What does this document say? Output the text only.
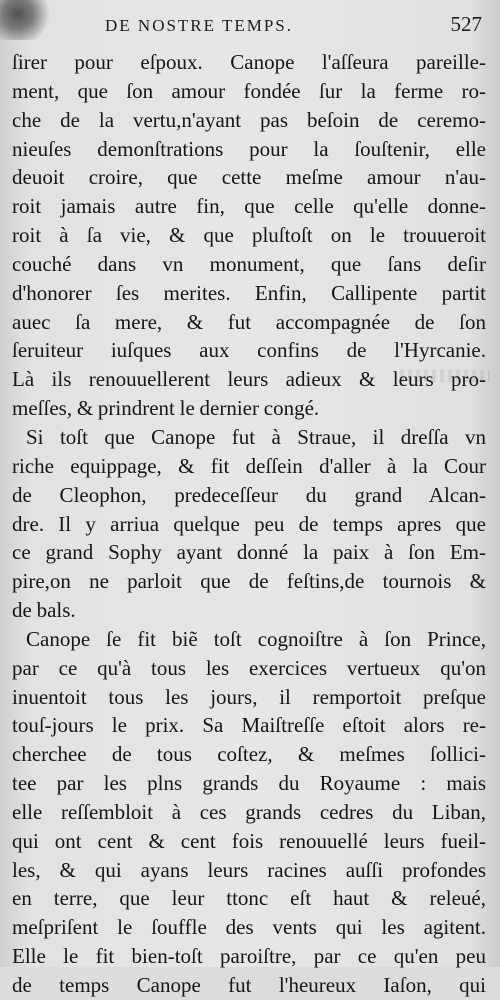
DE NOSTRE TEMPS.	527
ſirer pour eſpoux. Canope l'aſſeura pareille-
ment, que ſon amour fondée ſur la ferme ro-
che de la vertu,n'ayant pas beſoin de ceremo-
nieuſes demonſtrations pour la ſouſtenir, elle
deuoit croire, que cette meſme amour n'au-
roit jamais autre fin, que celle qu'elle donne-
roit à ſa vie, & que pluſtoſt on le trouueroit
couché dans vn monument, que ſans deſir
d'honorer ſes merites. Enfin, Callipente partit
auec ſa mere, & fut accompagnée de ſon
ſeruiteur iuſques aux confins de l'Hyrcanie.
Là ils renouuellerent leurs adieux & leurs pro-
meſſes, & prindrent le dernier congé.
Si toſt que Canope fut à Straue, il dreſſa vn
riche equippage, & fit deſſein d'aller à la Cour
de Cleophon, predeceſſeur du grand Alcan-
dre. Il y arriua quelque peu de temps apres que
ce grand Sophy ayant donné la paix à ſon Em-
pire,on ne parloit que de feſtins,de tournois &
de bals.
Canope ſe fit biẽ toſt cognoiſtre à ſon Prince,
par ce qu'à tous les exercices vertueux qu'on
inuentoit tous les jours, il remportoit preſque
touſ-jours le prix. Sa Maiſtreſſe eſtoit alors re-
cherchee de tous coſtez, & meſmes ſollici-
tee par les plns grands du Royaume : mais
elle reſſembloit à ces grands cedres du Liban,
qui ont cent & cent fois renouuellé leurs fueil-
les, & qui ayans leurs racines auſſi profondes
en terre, que leur ttonc eſt haut & releué,
meſpriſent le ſouffle des vents qui les agitent.
Elle le fit bien-toſt paroiſtre, par ce qu'en peu
de temps Canope fut l'heureux Iaſon, qui
